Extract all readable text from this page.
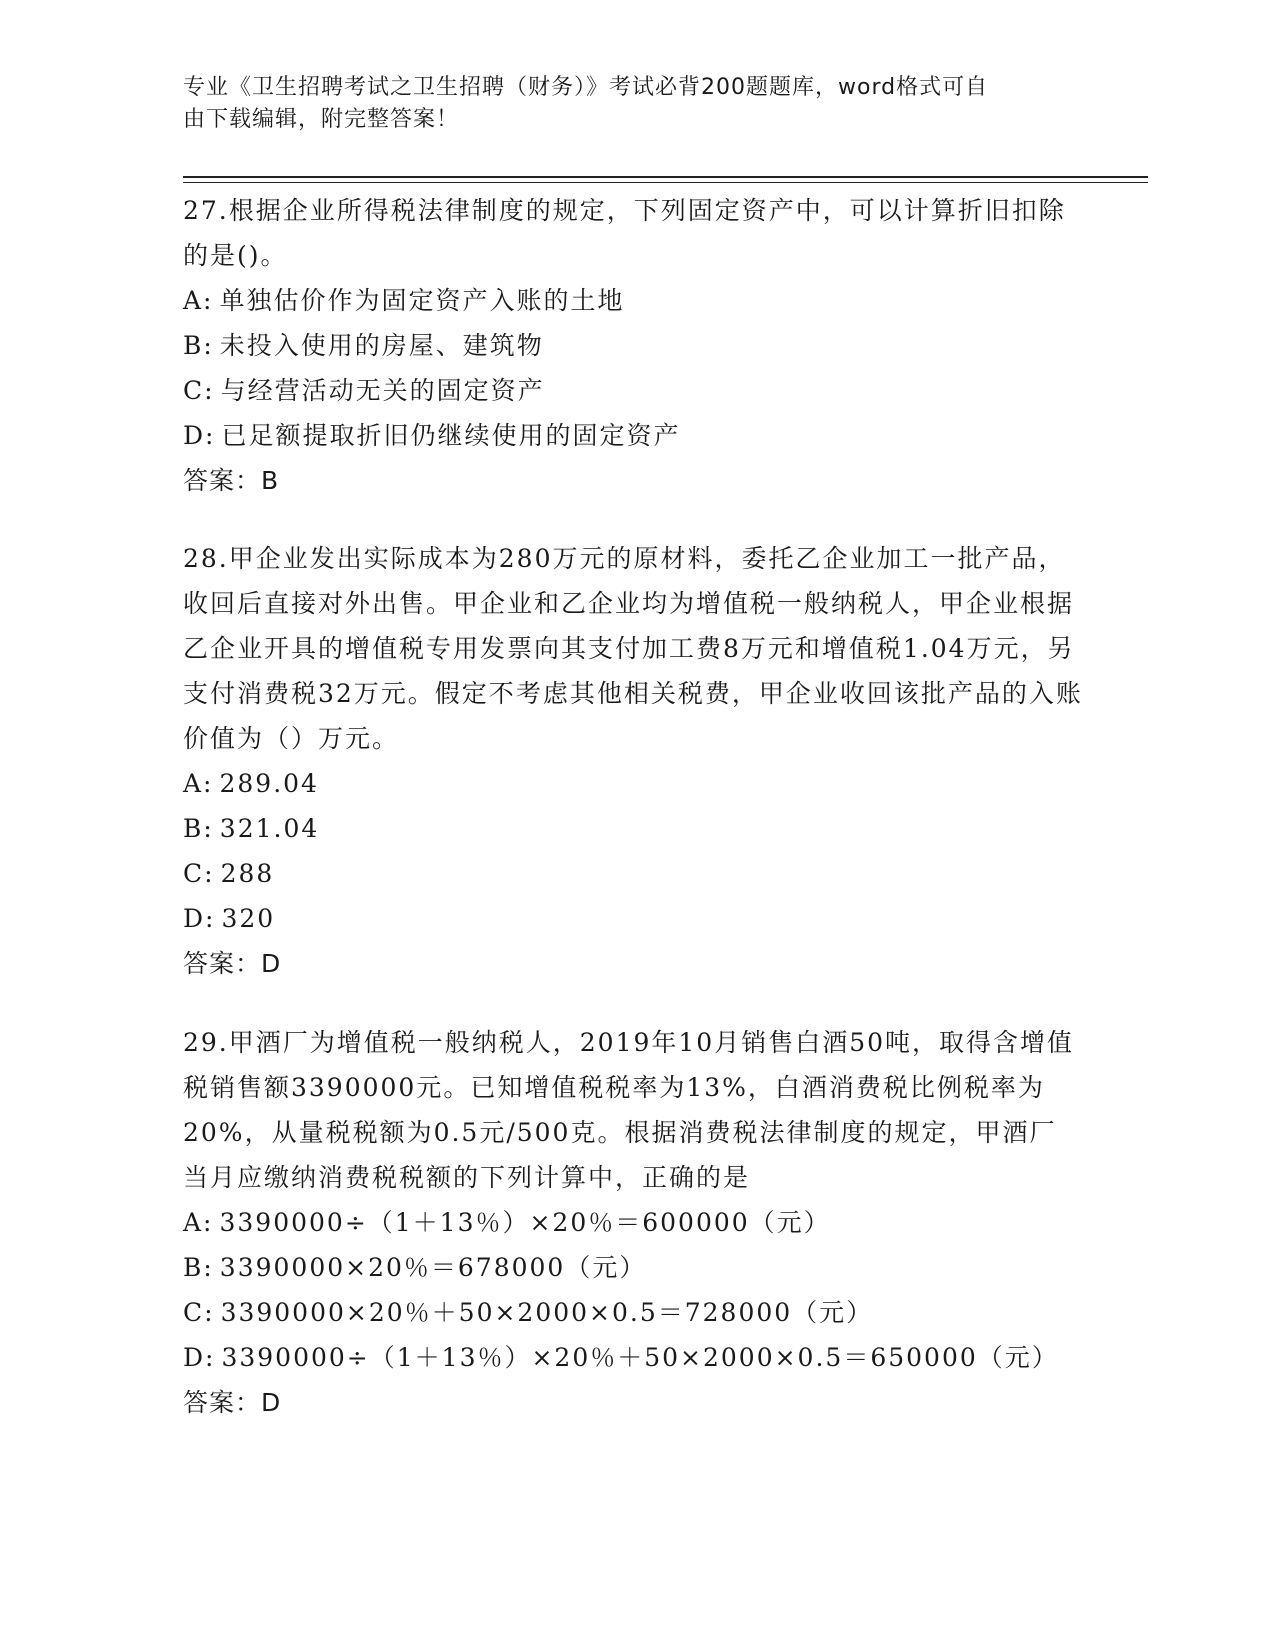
专业《卫生招聘考试之卫生招聘（财务）》考试必背200题题库，word格式可自
由下载编辑，附完整答案！

27.根据企业所得税法律制度的规定，下列固定资产中，可以计算折旧扣除的是()。

A: 单独估价作为固定资产入账的土地
B: 未投入使用的房屋、建筑物
C: 与经营活动无关的固定资产
D: 已足额提取折旧仍继续使用的固定资产
答案：B

28.甲企业发出实际成本为280万元的原材料，委托乙企业加工一批产品，收回后直接对外出售。甲企业和乙企业均为增值税一般纳税人，甲企业根据乙企业开具的增值税专用发票向其支付加工费8万元和增值税1.04万元，另支付消费税32万元。假定不考虑其他相关税费，甲企业收回该批产品的入账价值为（）万元。

A: 289.04
B: 321.04
C: 288
D: 320
答案：D

29.甲酒厂为增值税一般纳税人，2019年10月销售白酒50吨，取得含增值税销售额3390000元。已知增值税税率为13%，白酒消费税比例税率为20%，从量税税额为0.5元/500克。根据消费税法律制度的规定，甲酒厂当月应缴纳消费税税额的下列计算中，正确的是

A: 3390000÷（1＋13％）×20％＝600000（元）
B: 3390000×20％＝678000（元）
C: 3390000×20％＋50×2000×0.5＝728000（元）
D: 3390000÷（1＋13％）×20％＋50×2000×0.5＝650000（元）
答案：D
